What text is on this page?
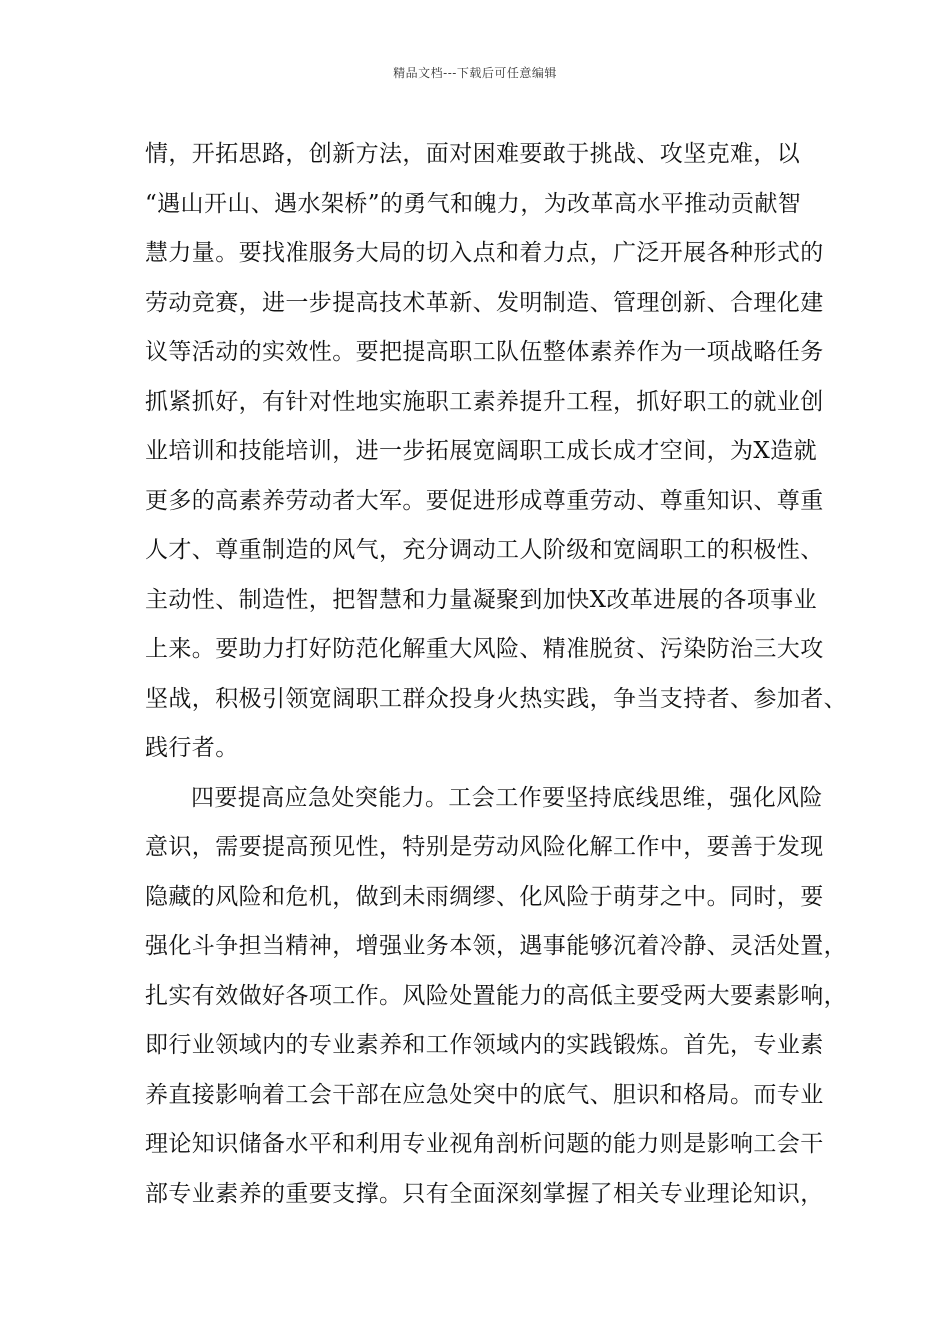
精品文档---下载后可任意编辑
情，开拓思路，创新方法，面对困难要敢于挑战、攻坚克难，以
“遇山开山、遇水架桥”的勇气和魄力，为改革高水平推动贡献智
慧力量。要找准服务大局的切入点和着力点，广泛开展各种形式的
劳动竞赛，进一步提高技术革新、发明制造、管理创新、合理化建
议等活动的实效性。要把提高职工队伍整体素养作为一项战略任务
抓紧抓好，有针对性地实施职工素养提升工程，抓好职工的就业创
业培训和技能培训，进一步拓展宽阔职工成长成才空间，为X造就
更多的高素养劳动者大军。要促进形成尊重劳动、尊重知识、尊重
人才、尊重制造的风气，充分调动工人阶级和宽阔职工的积极性、
主动性、制造性，把智慧和力量凝聚到加快X改革进展的各项事业
上来。要助力打好防范化解重大风险、精准脱贫、污染防治三大攻
坚战，积极引领宽阔职工群众投身火热实践，争当支持者、参加者、
践行者。
四要提高应急处突能力。工会工作要坚持底线思维，强化风险
意识，需要提高预见性，特别是劳动风险化解工作中，要善于发现
隐藏的风险和危机，做到未雨绸缪、化风险于萌芽之中。同时，要
强化斗争担当精神，增强业务本领，遇事能够沉着冷静、灵活处置，
扎实有效做好各项工作。风险处置能力的高低主要受两大要素影响，
即行业领域内的专业素养和工作领域内的实践锻炼。首先，专业素
养直接影响着工会干部在应急处突中的底气、胆识和格局。而专业
理论知识储备水平和利用专业视角剖析问题的能力则是影响工会干
部专业素养的重要支撑。只有全面深刻掌握了相关专业理论知识，
